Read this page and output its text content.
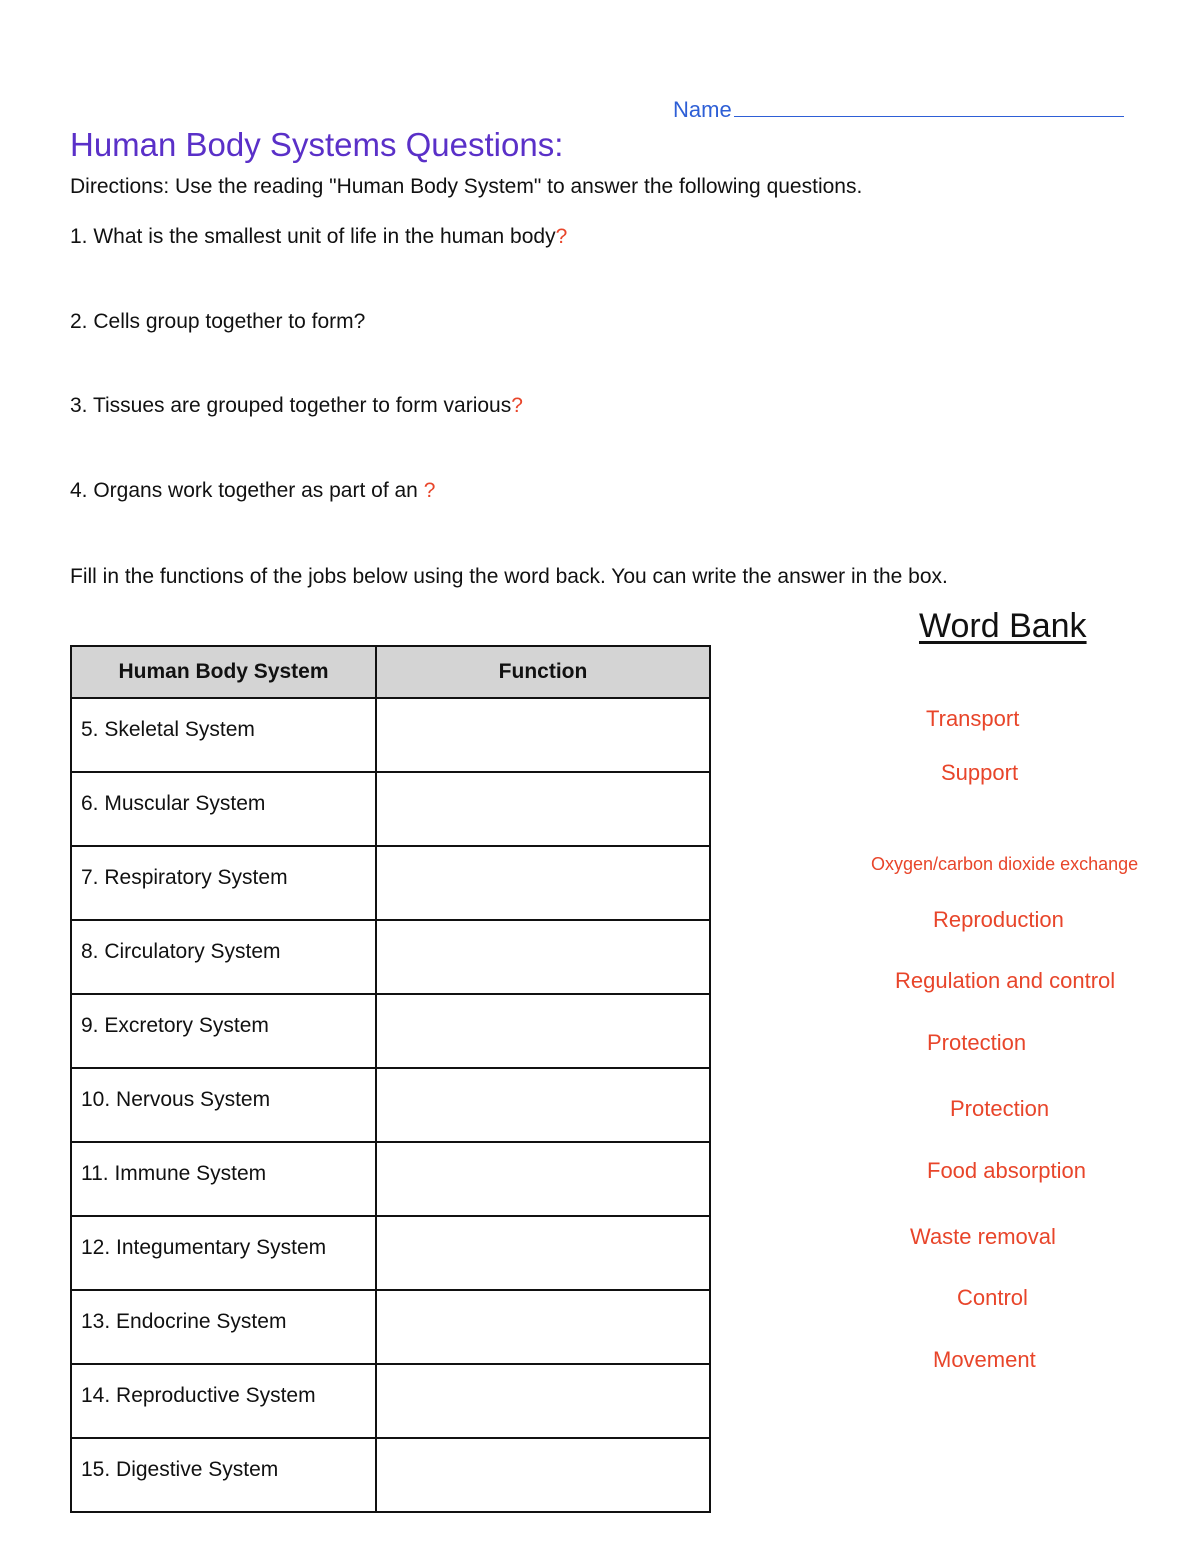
Name
Human Body Systems Questions:
Directions: Use the reading "Human Body System" to answer the following questions.
1. What is the smallest unit of life in the human body?
2. Cells group together to form?
3. Tissues are grouped together to form various?
4. Organs work together as part of an ?
Fill in the functions of the jobs below using the word back. You can write the answer in the box.
Human Body System	Function
5. Skeletal System	
6. Muscular System	
7. Respiratory System	
8. Circulatory System	
9. Excretory System	
10. Nervous System	
11. Immune System	
12. Integumentary System	
13. Endocrine System	
14. Reproductive System	
15. Digestive System	
Word Bank
Transport
Support
Oxygen/carbon dioxide exchange
Reproduction
Regulation and control
Protection
Protection
Food absorption
Waste removal
Control
Movement
